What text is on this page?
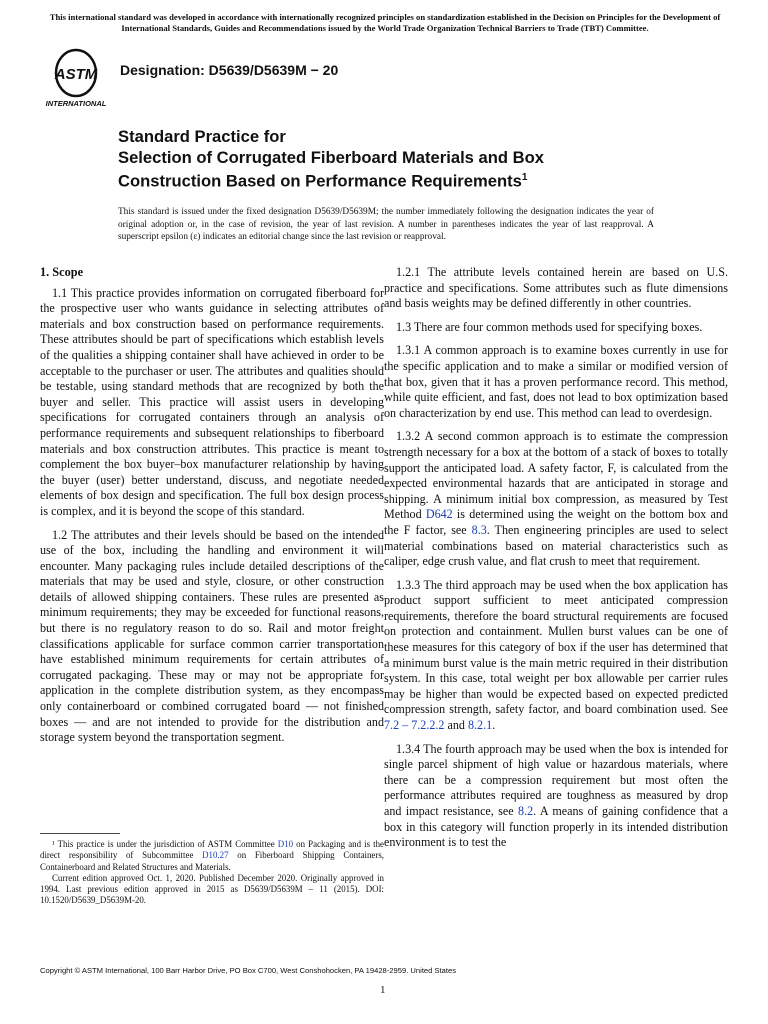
This international standard was developed in accordance with internationally recognized principles on standardization established in the Decision on Principles for the Development of International Standards, Guides and Recommendations issued by the World Trade Organization Technical Barriers to Trade (TBT) Committee.
ASTM
INTERNATIONAL
Designation: D5639/D5639M − 20
Standard Practice for
Selection of Corrugated Fiberboard Materials and Box
Construction Based on Performance Requirements$^1$
This standard is issued under the fixed designation D5639/D5639M; the number immediately following the designation indicates the year of original adoption or, in the case of revision, the year of last revision. A number in parentheses indicates the year of last reapproval. A superscript epsilon (ε) indicates an editorial change since the last revision or reapproval.
1. Scope

1.1 This practice provides information on corrugated fiberboard for the prospective user who wants guidance in selecting attributes of materials and box construction based on performance requirements. These attributes should be part of specifications which establish levels of the qualities a shipping container shall have achieved in order to be acceptable to the purchaser or user. The attributes and qualities should be testable, using standard methods that are recognized by both the buyer and seller. This practice will assist users in developing specifications for corrugated containers through an analysis of performance requirements and subsequent relationships to fiberboard materials and box construction attributes. This practice is meant to complement the box buyer–box manufacturer relationship by having the buyer (user) better understand, discuss, and negotiate needed elements of box design and specification. The full box design process is complex, and it is beyond the scope of this standard.

1.2 The attributes and their levels should be based on the intended use of the box, including the handling and environment it will encounter. Many packaging rules include detailed descriptions of the materials that may be used and style, closure, or other construction details of allowed shipping containers. These rules are presented as minimum requirements; they may be exceeded for functional reasons, but there is no regulatory reason to do so. Rail and motor freight classifications applicable for surface common carrier transportation have established minimum requirements for certain attributes of corrugated packaging. These may or may not be appropriate for application in the complete distribution system, as they encompass only containerboard or combined corrugated board — not finished boxes — and are not intended to provide for the distribution and storage system beyond the transportation segment.

1.2.1 The attribute levels contained herein are based on U.S. practice and specifications. Some attributes such as flute dimensions and basis weights may be defined differently in other countries.

1.3 There are four common methods used for specifying boxes.

1.3.1 A common approach is to examine boxes currently in use for the specific application and to make a similar or modified version of that box, given that it has a proven performance record. This method, while quite efficient, and fast, does not lead to box optimization based on characterization by end use. This method can lead to overdesign.

1.3.2 A second common approach is to estimate the compression strength necessary for a box at the bottom of a stack of boxes to totally support the anticipated load. A safety factor, F, is calculated from the expected environmental hazards that are anticipated in storage and shipping. A minimum initial box compression, as measured by Test Method D642 is determined using the weight on the bottom box and the F factor, see 8.3. Then engineering principles are used to select material combinations based on material characteristics such as caliper, edge crush value, and flat crush to meet that requirement.

1.3.3 The third approach may be used when the box application has product support sufficient to meet anticipated compression requirements, therefore the board structural requirements are focused on protection and containment. Mullen burst values can be one of these measures for this category of box if the user has determined that a minimum burst value is the main metric required in their distribution system. In this case, total weight per box allowable per carrier rules may be higher than would be expected based on expected predicted compression strength, safety factor, and board combination used. See 7.2 – 7.2.2.2 and 8.2.1.

1.3.4 The fourth approach may be used when the box is intended for single parcel shipment of high value or hazardous materials, where there can be a compression requirement but most often the performance attributes required are toughness as measured by drop and impact resistance, see 8.2. A means of gaining confidence that a box in this category will function properly in its intended distribution environment is to test the

¹ This practice is under the jurisdiction of ASTM Committee D10 on Packaging and is the direct responsibility of Subcommittee D10.27 on Fiberboard Shipping Containers, Containerboard and Related Structures and Materials.

Current edition approved Oct. 1, 2020. Published December 2020. Originally approved in 1994. Last previous edition approved in 2015 as D5639/D5639M – 11 (2015). DOI: 10.1520/D5639_D5639M-20.

Copyright © ASTM International, 100 Barr Harbor Drive, PO Box C700, West Conshohocken, PA 19428-2959. United States
1
